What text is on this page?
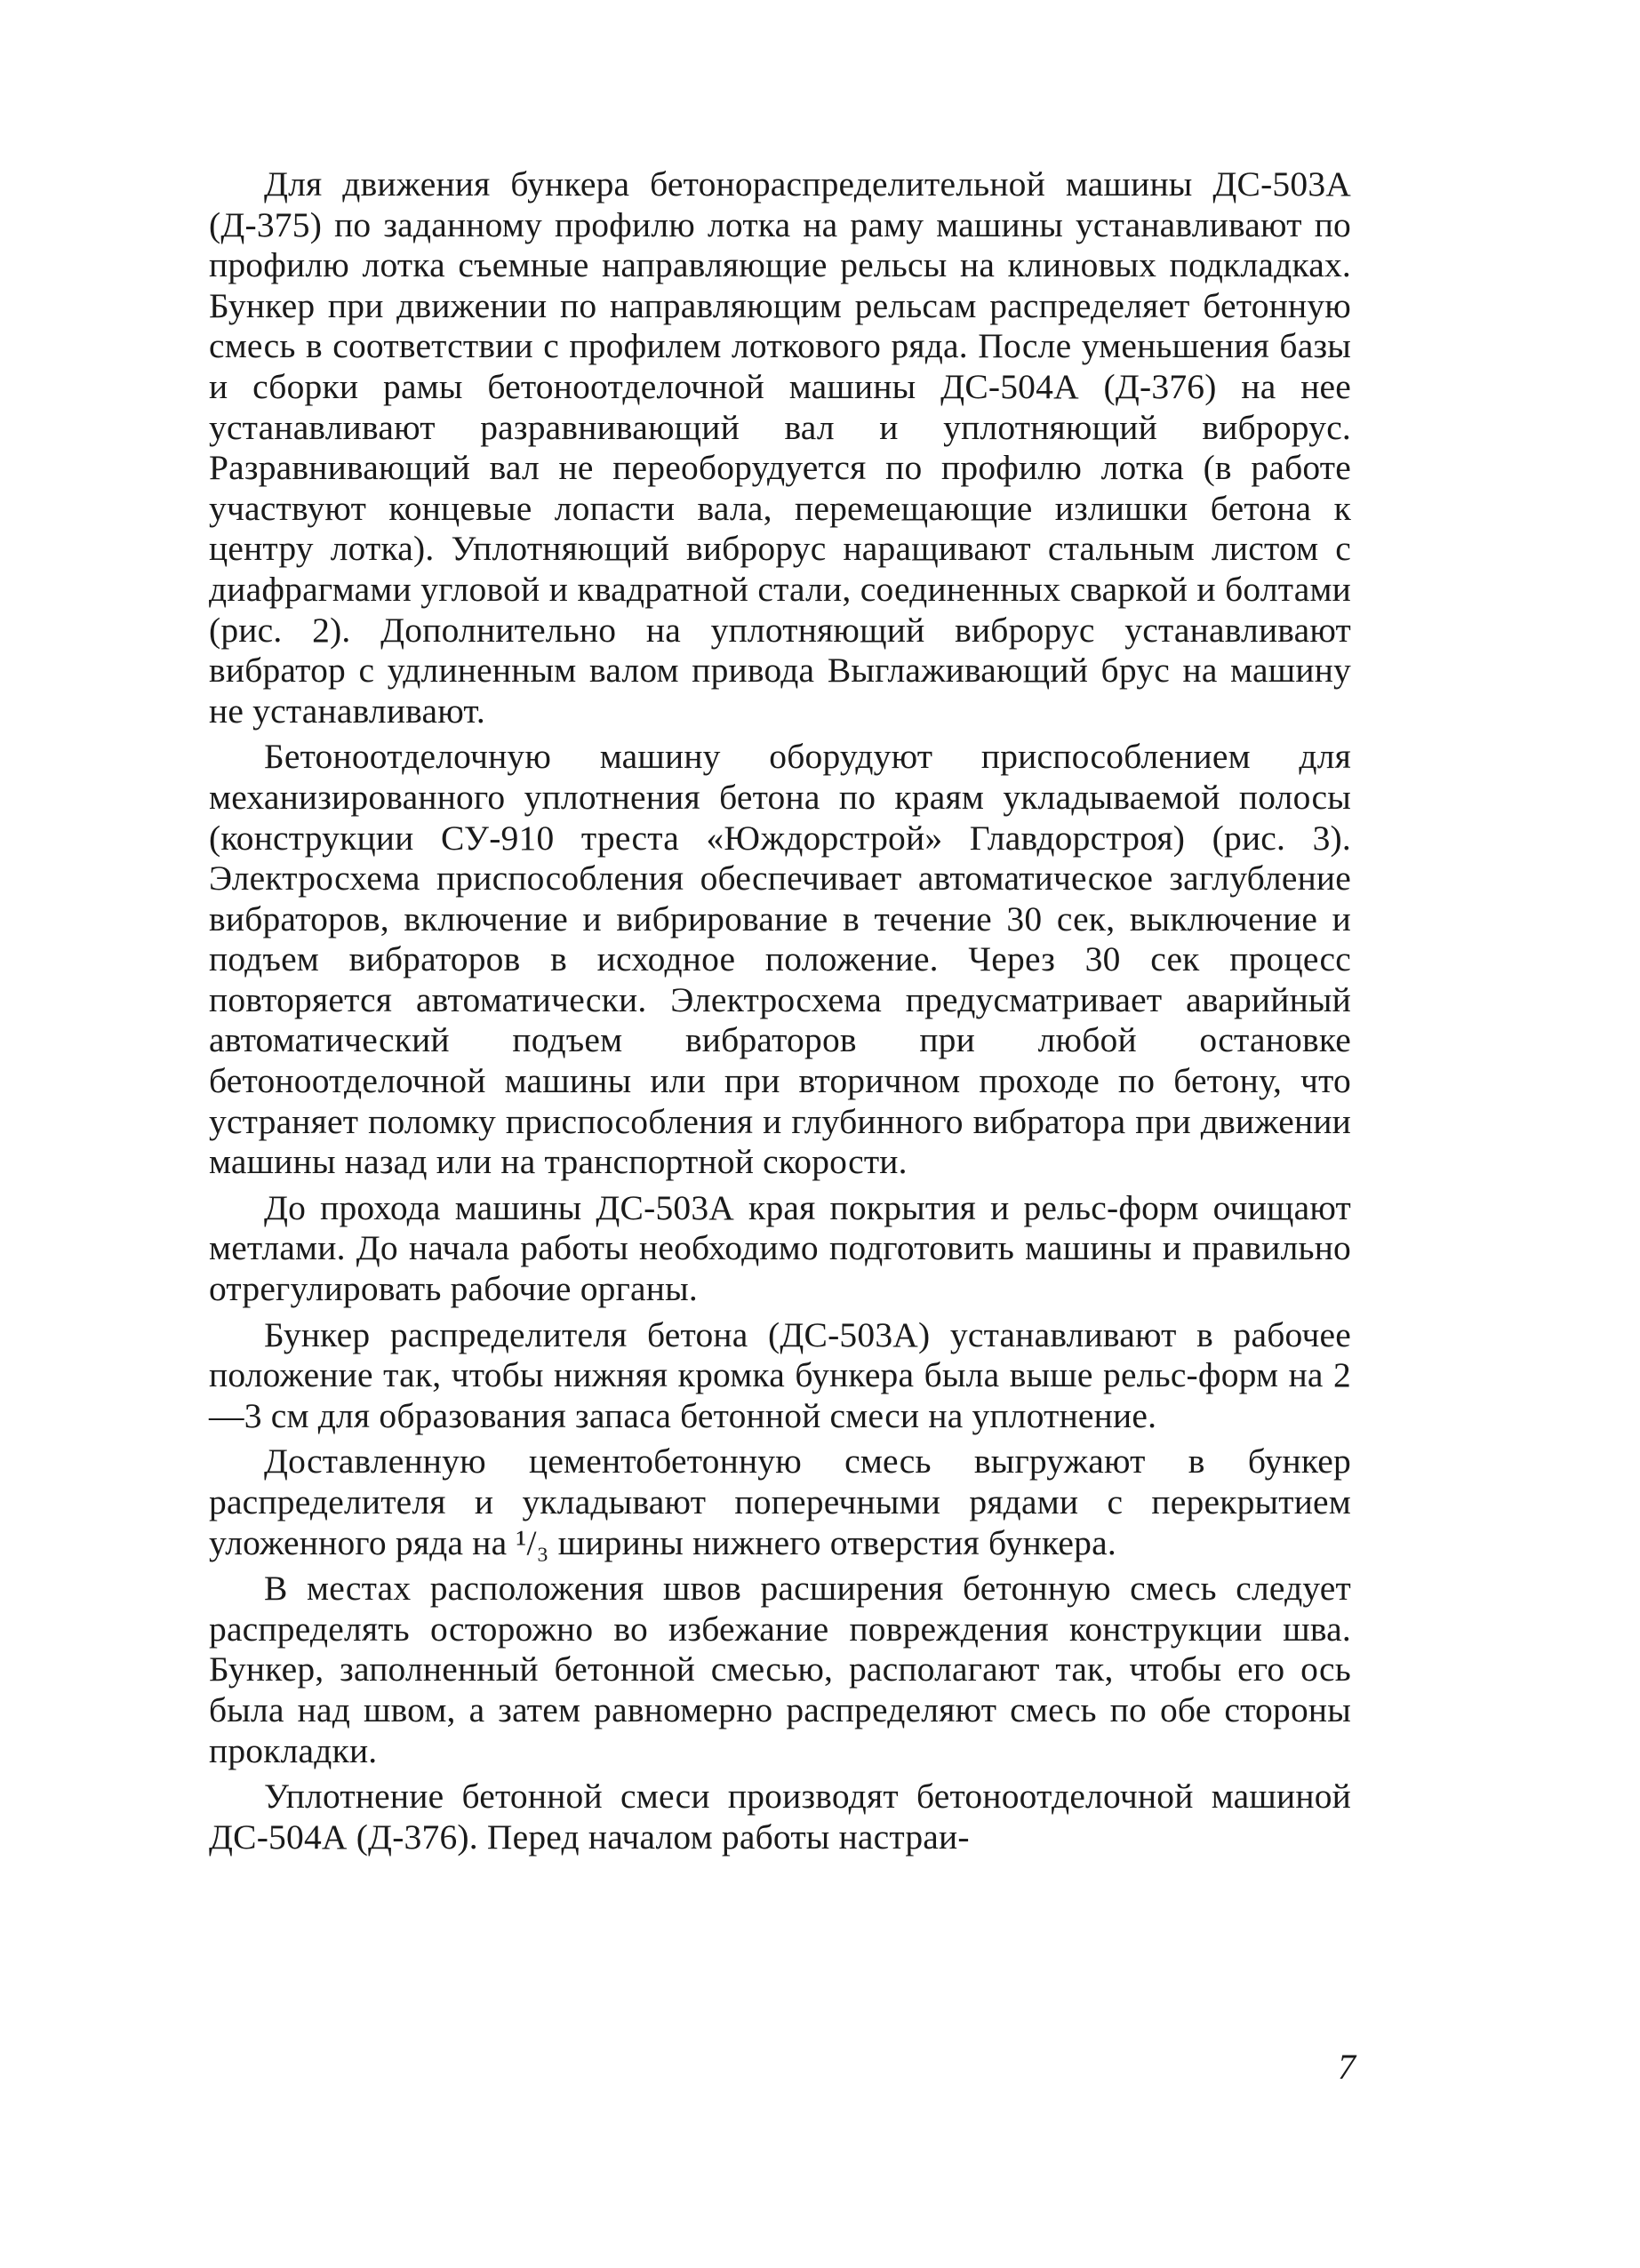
Для движения бункера бетонораспределительной машины ДС-503А (Д-375) по заданному профилю лотка на раму машины устанавливают по профилю лотка съемные направляющие рельсы на клиновых подкладках. Бункер при движении по направляющим рельсам распределяет бетонную смесь в соответствии с профилем лоткового ряда. После уменьшения базы и сборки рамы бетоноотделочной машины ДС-504А (Д-376) на нее устанавливают разравнивающий вал и уплотняющий виброрус. Разравнивающий вал не переоборудуется по профилю лотка (в работе участвуют концевые лопасти вала, перемещающие излишки бетона к центру лотка). Уплотняющий виброрус наращивают стальным листом с диафрагмами угловой и квадратной стали, соединенных сваркой и болтами (рис. 2). Дополнительно на уплотняющий виброрус устанавливают вибратор с удлиненным валом привода Выглаживающий брус на машину не устанавливают.

Бетоноотделочную машину оборудуют приспособлением для механизированного уплотнения бетона по краям укладываемой полосы (конструкции СУ-910 треста «Юждорстрой» Главдорстроя) (рис. 3). Электросхема приспособления обеспечивает автоматическое заглубление вибраторов, включение и вибрирование в течение 30 сек, выключение и подъем вибраторов в исходное положение. Через 30 сек процесс повторяется автоматически. Электросхема предусматривает аварийный автоматический подъем вибраторов при любой остановке бетоноотделочной машины или при вторичном проходе по бетону, что устраняет поломку приспособления и глубинного вибратора при движении машины назад или на транспортной скорости.

До прохода машины ДС-503А края покрытия и рельс-форм очищают метлами. До начала работы необходимо подготовить машины и правильно отрегулировать рабочие органы.

Бункер распределителя бетона (ДС-503А) устанавливают в рабочее положение так, чтобы нижняя кромка бункера была выше рельс-форм на 2—3 см для образования запаса бетонной смеси на уплотнение.

Доставленную цементобетонную смесь выгружают в бункер распределителя и укладывают поперечными рядами с перекрытием уложенного ряда на ¹/₃ ширины нижнего отверстия бункера.

В местах расположения швов расширения бетонную смесь следует распределять осторожно во избежание повреждения конструкции шва. Бункер, заполненный бетонной смесью, располагают так, чтобы его ось была над швом, а затем равномерно распределяют смесь по обе стороны прокладки.

Уплотнение бетонной смеси производят бетоноотделочной машиной ДС-504А (Д-376). Перед началом работы настраи-

7
